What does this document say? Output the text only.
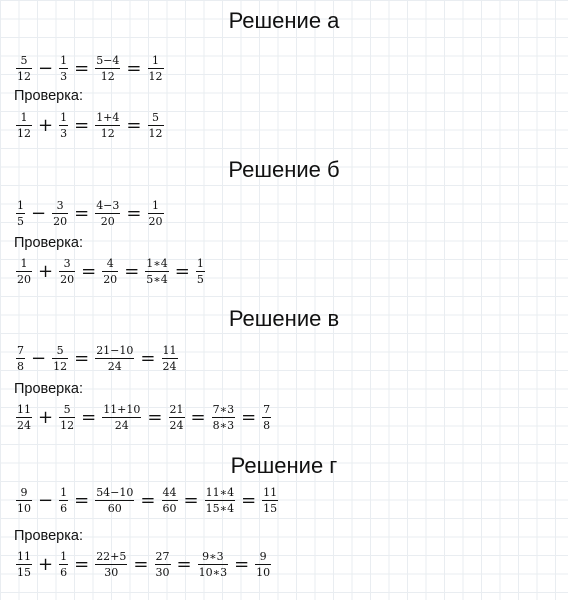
Решение а
$\frac{5}{12} - \frac{1}{3} = \frac{5-4}{12} = \frac{1}{12}$
Проверка:
$\frac{1}{12} + \frac{1}{3} = \frac{1+4}{12} = \frac{5}{12}$
Решение б
$\frac{1}{5} - \frac{3}{20} = \frac{4-3}{20} = \frac{1}{20}$
Проверка:
$\frac{1}{20} + \frac{3}{20} = \frac{4}{20} = \frac{1∗4}{5∗4} = \frac{1}{5}$
Решение в
$\frac{7}{8} - \frac{5}{12} = \frac{21-10}{24} = \frac{11}{24}$
Проверка:
$\frac{11}{24} + \frac{5}{12} = \frac{11+10}{24} = \frac{21}{24} = \frac{7∗3}{8∗3} = \frac{7}{8}$
Решение г
$\frac{9}{10} - \frac{1}{6} = \frac{54-10}{60} = \frac{44}{60} = \frac{11∗4}{15∗4} = \frac{11}{15}$
Проверка:
$\frac{11}{15} + \frac{1}{6} = \frac{22+5}{30} = \frac{27}{30} = \frac{9∗3}{10∗3} = \frac{9}{10}$
